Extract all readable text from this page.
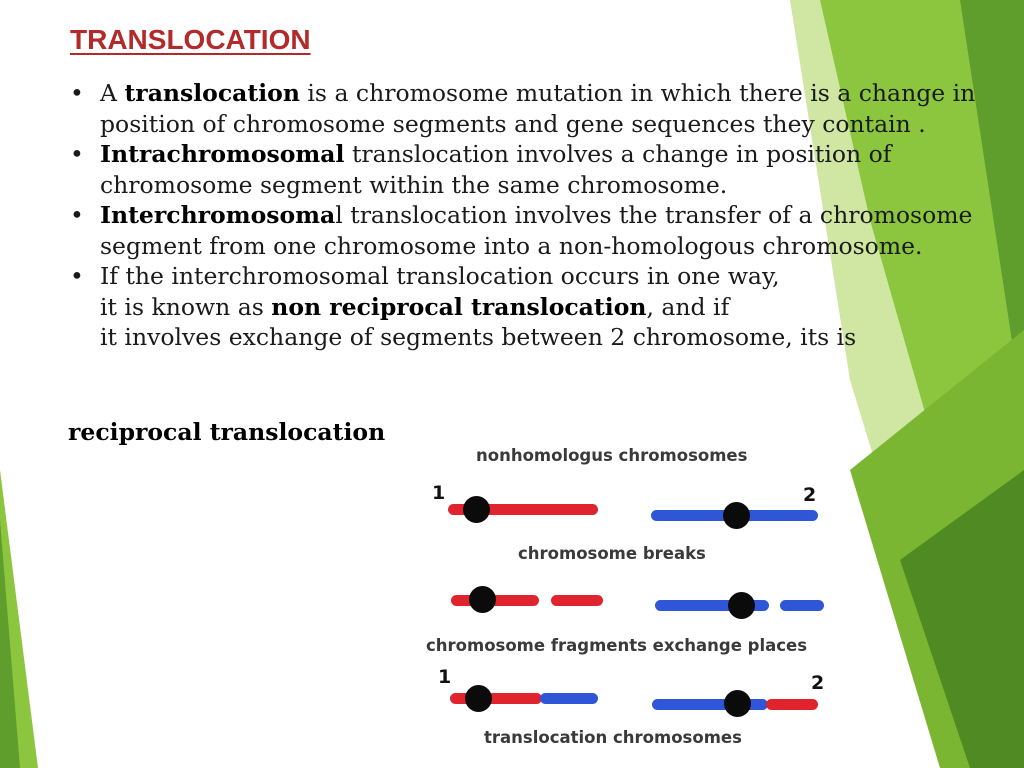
TRANSLOCATION
• A translocation is a chromosome mutation in which there is a change in position of chromosome segments and gene sequences they contain .
• Intrachromosomal translocation involves a change in position of chromosome segment within the same chromosome.
• Interchromosomal translocation involves the transfer of a chromosome segment from one chromosome into a non-homologous chromosome.
• If the interchromosomal translocation occurs in one way,
it is known as non reciprocal translocation, and if
it involves exchange of segments between 2 chromosome, its is
reciprocal translocation
nonhomologus chromosomes
1	2
chromosome breaks
chromosome fragments exchange places
1	2
translocation chromosomes
